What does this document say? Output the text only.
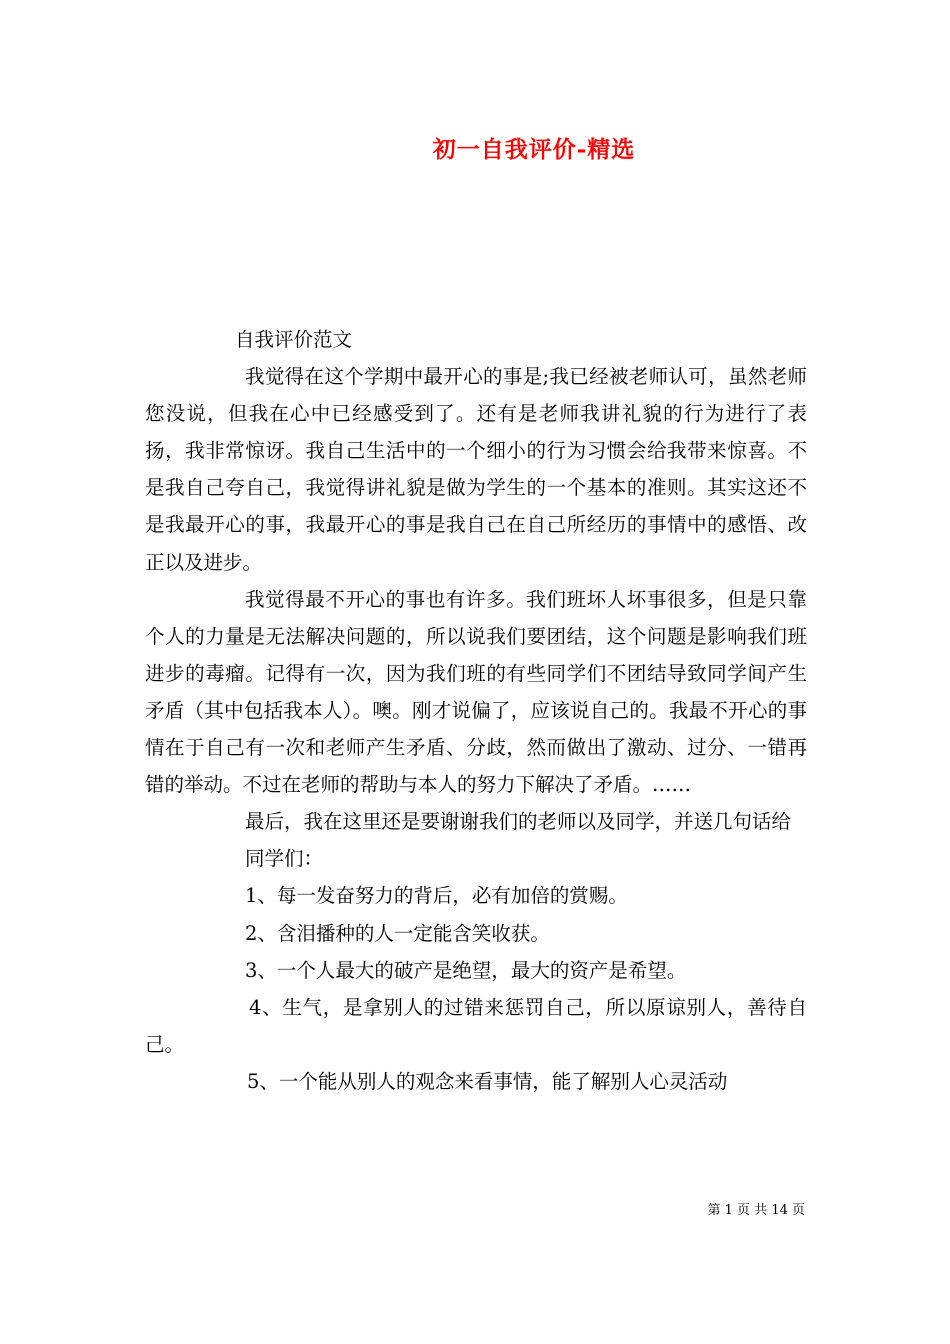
初一自我评价-精选

自我评价范文

我觉得在这个学期中最开心的事是;我已经被老师认可，虽然老师您没说，但我在心中已经感受到了。还有是老师我讲礼貌的行为进行了表扬，我非常惊讶。我自己生活中的一个细小的行为习惯会给我带来惊喜。不是我自己夸自己，我觉得讲礼貌是做为学生的一个基本的准则。其实这还不是我最开心的事，我最开心的事是我自己在自己所经历的事情中的感悟、改正以及进步。

我觉得最不开心的事也有许多。我们班坏人坏事很多，但是只靠个人的力量是无法解决问题的，所以说我们要团结，这个问题是影响我们班进步的毒瘤。记得有一次，因为我们班的有些同学们不团结导致同学间产生矛盾（其中包括我本人）。噢。刚才说偏了，应该说自己的。我最不开心的事情在于自己有一次和老师产生矛盾、分歧，然而做出了激动、过分、一错再错的举动。不过在老师的帮助与本人的努力下解决了矛盾。……

最后，我在这里还是要谢谢我们的老师以及同学，并送几句话给

同学们：

1、每一发奋努力的背后，必有加倍的赏赐。

2、含泪播种的人一定能含笑收获。

3、一个人最大的破产是绝望，最大的资产是希望。

4、生气，是拿别人的过错来惩罚自己，所以原谅别人，善待自己。

5、一个能从别人的观念来看事情，能了解别人心灵活动

第 1 页 共 14 页
